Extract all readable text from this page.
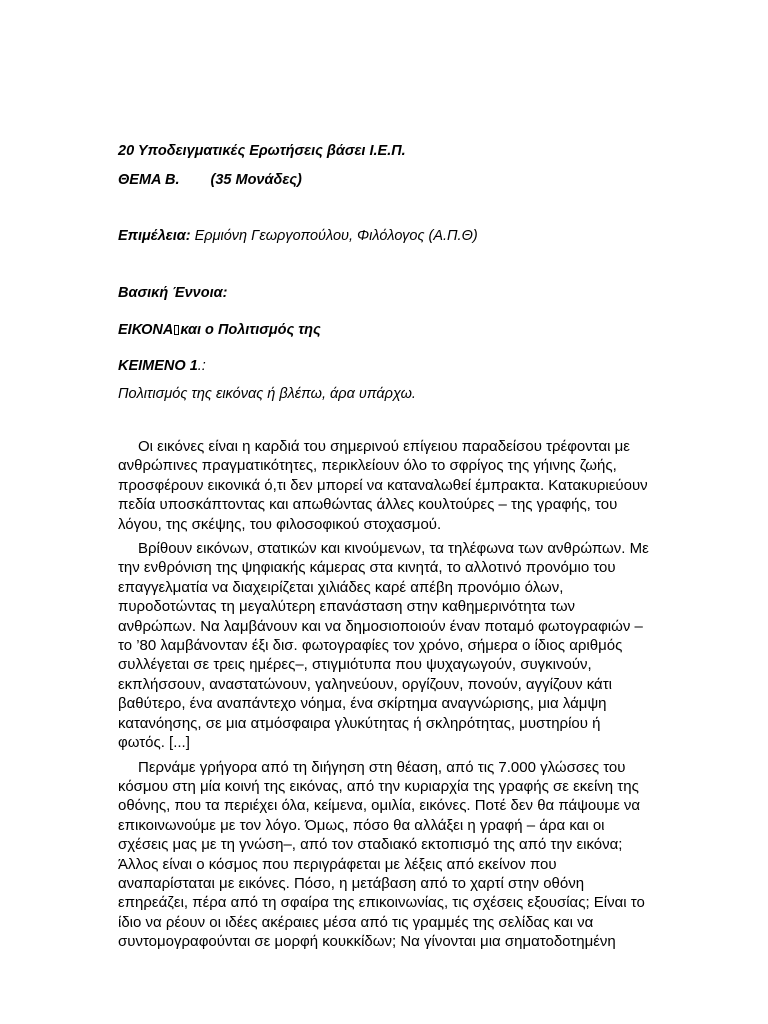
20 Υποδειγματικές Ερωτήσεις βάσει Ι.Ε.Π.
ΘΕΜΑ Β. (35 Μονάδες)
Επιμέλεια: Ερμιόνη Γεωργοπούλου, Φιλόλογος (Α.Π.Θ)
Βασική Έννοια:
ΕΙΚΟΝΑ και ο Πολιτισμός της
ΚΕΙΜΕΝΟ 1.:
Πολιτισμός της εικόνας ή βλέπω, άρα υπάρχω.

Οι εικόνες είναι η καρδιά του σημερινού επίγειου παραδείσου τρέφονται με ανθρώπινες πραγματικότητες, περικλείουν όλο το σφρίγος της γήινης ζωής, προσφέρουν εικονικά ό,τι δεν μπορεί να καταναλωθεί έμπρακτα. Κατακυριεύουν πεδία υποσκάπτοντας και απωθώντας άλλες κουλτούρες – της γραφής, του λόγου, της σκέψης, του φιλοσοφικού στοχασμού.

Βρίθουν εικόνων, στατικών και κινούμενων, τα τηλέφωνα των ανθρώπων. Με την ενθρόνιση της ψηφιακής κάμερας στα κινητά, το αλλοτινό προνόμιο του επαγγελματία να διαχειρίζεται χιλιάδες καρέ απέβη προνόμιο όλων, πυροδοτώντας τη μεγαλύτερη επανάσταση στην καθημερινότητα των ανθρώπων. Να λαμβάνουν και να δημοσιοποιούν έναν ποταμό φωτογραφιών –το ’80 λαμβάνονταν έξι δισ. φωτογραφίες τον χρόνο, σήμερα ο ίδιος αριθμός συλλέγεται σε τρεις ημέρες–, στιγμιότυπα που ψυχαγωγούν, συγκινούν, εκπλήσσουν, αναστατώνουν, γαληνεύουν, οργίζουν, πονούν, αγγίζουν κάτι βαθύτερο, ένα αναπάντεχο νόημα, ένα σκίρτημα αναγνώρισης, μια λάμψη κατανόησης, σε μια ατμόσφαιρα γλυκύτητας ή σκληρότητας, μυστηρίου ή φωτός. [...]

Περνάμε γρήγορα από τη διήγηση στη θέαση, από τις 7.000 γλώσσες του κόσμου στη μία κοινή της εικόνας, από την κυριαρχία της γραφής σε εκείνη της οθόνης, που τα περιέχει όλα, κείμενα, ομιλία, εικόνες. Ποτέ δεν θα πάψουμε να επικοινωνούμε με τον λόγο. Όμως, πόσο θα αλλάξει η γραφή – άρα και οι σχέσεις μας με τη γνώση–, από τον σταδιακό εκτοπισμό της από την εικόνα; Άλλος είναι ο κόσμος που περιγράφεται με λέξεις από εκείνον που αναπαρίσταται με εικόνες. Πόσο, η μετάβαση από το χαρτί στην οθόνη επηρεάζει, πέρα από τη σφαίρα της επικοινωνίας, τις σχέσεις εξουσίας; Είναι το ίδιο να ρέουν οι ιδέες ακέραιες μέσα από τις γραμμές της σελίδας και να συντομογραφούνται σε μορφή κουκκίδων; Να γίνονται μια σηματοδοτημένη
